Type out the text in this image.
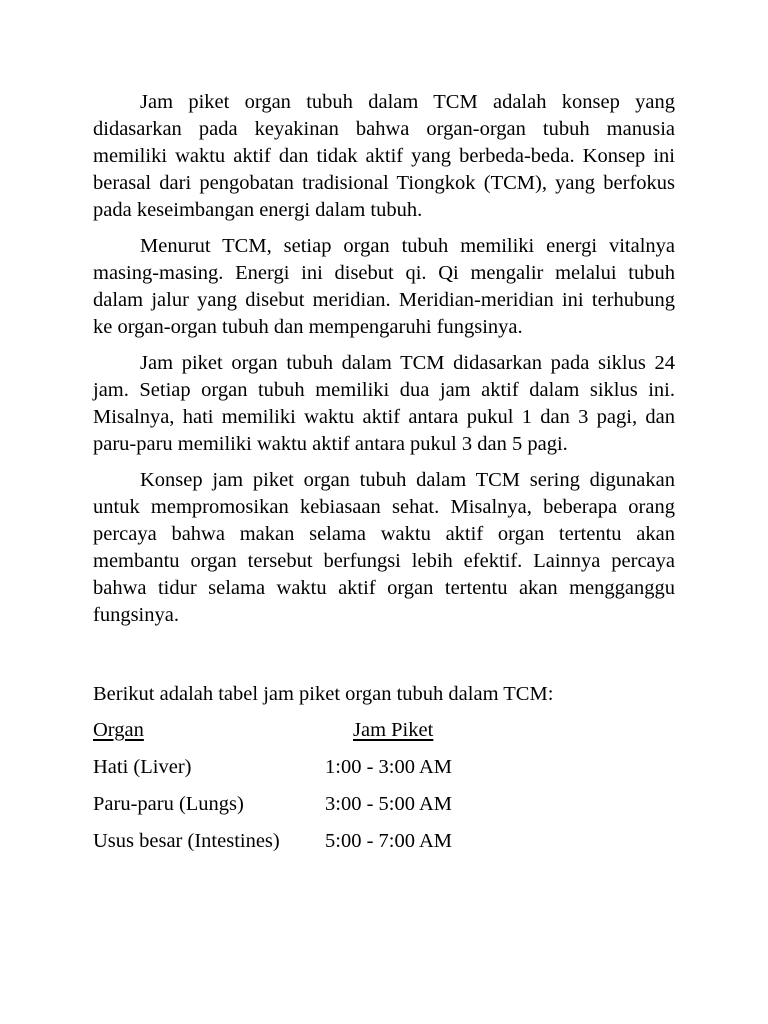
Jam piket organ tubuh dalam TCM adalah konsep yang didasarkan pada keyakinan bahwa organ-organ tubuh manusia memiliki waktu aktif dan tidak aktif yang berbeda-beda. Konsep ini berasal dari pengobatan tradisional Tiongkok (TCM), yang berfokus pada keseimbangan energi dalam tubuh.

Menurut TCM, setiap organ tubuh memiliki energi vitalnya masing-masing. Energi ini disebut qi. Qi mengalir melalui tubuh dalam jalur yang disebut meridian. Meridian-meridian ini terhubung ke organ-organ tubuh dan mempengaruhi fungsinya.

Jam piket organ tubuh dalam TCM didasarkan pada siklus 24 jam. Setiap organ tubuh memiliki dua jam aktif dalam siklus ini. Misalnya, hati memiliki waktu aktif antara pukul 1 dan 3 pagi, dan paru-paru memiliki waktu aktif antara pukul 3 dan 5 pagi.

Konsep jam piket organ tubuh dalam TCM sering digunakan untuk mempromosikan kebiasaan sehat. Misalnya, beberapa orang percaya bahwa makan selama waktu aktif organ tertentu akan membantu organ tersebut berfungsi lebih efektif. Lainnya percaya bahwa tidur selama waktu aktif organ tertentu akan mengganggu fungsinya.

Berikut adalah tabel jam piket organ tubuh dalam TCM:

Organ	Jam Piket
Hati (Liver)	1:00 - 3:00 AM
Paru-paru (Lungs)	3:00 - 5:00 AM
Usus besar (Intestines)	5:00 - 7:00 AM
